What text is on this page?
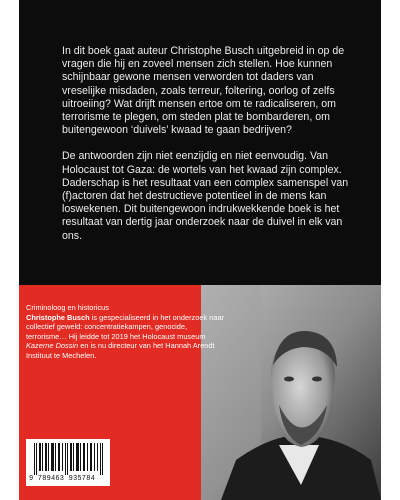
In dit boek gaat auteur Christophe Busch uitgebreid in op de vragen die hij en zoveel mensen zich stellen. Hoe kunnen schijnbaar gewone mensen verworden tot daders van vreselijke misdaden, zoals terreur, foltering, oorlog of zelfs uitroeiing? Wat drijft mensen ertoe om te radicaliseren, om terrorisme te plegen, om steden plat te bombarderen, om buitengewoon ‘duivels’ kwaad te gaan bedrijven?

De antwoorden zijn niet eenzijdig en niet eenvoudig. Van Holocaust tot Gaza: de wortels van het kwaad zijn complex. Daderschap is het resultaat van een complex samenspel van (f)actoren dat het destructieve potentieel in de mens kan loswekenen. Dit buitengewoon indrukwekkende boek is het resultaat van dertig jaar onderzoek naar de duivel in elk van ons.

Criminoloog en historicus
Christophe Busch is gespecialiseerd in het onderzoek naar collectief geweld: concentratiekampen, genocide, terrorisme… Hij leidde tot 2019 het Holocaust museum Kazerne Dossin en is nu directeur van het Hannah Arendt Instituut te Mechelen.

9 789463 935784
